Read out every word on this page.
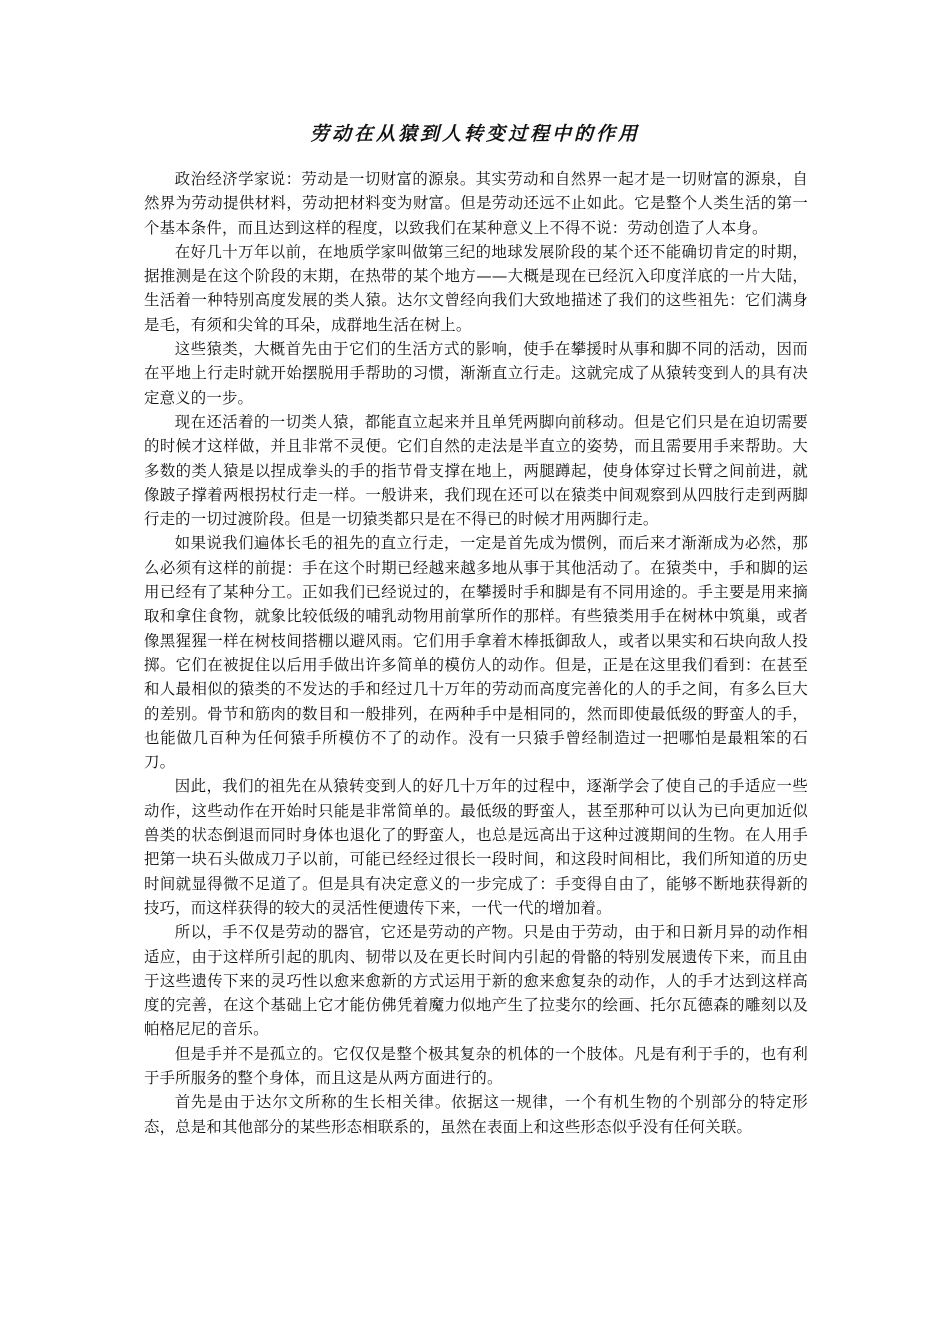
劳动在从猿到人转变过程中的作用

政治经济学家说：劳动是一切财富的源泉。其实劳动和自然界一起才是一切财富的源泉，自然界为劳动提供材料，劳动把材料变为财富。但是劳动还远不止如此。它是整个人类生活的第一个基本条件，而且达到这样的程度，以致我们在某种意义上不得不说：劳动创造了人本身。

在好几十万年以前，在地质学家叫做第三纪的地球发展阶段的某个还不能确切肯定的时期，据推测是在这个阶段的末期，在热带的某个地方——大概是现在已经沉入印度洋底的一片大陆，生活着一种特别高度发展的类人猿。达尔文曾经向我们大致地描述了我们的这些祖先：它们满身是毛，有须和尖耸的耳朵，成群地生活在树上。

这些猿类，大概首先由于它们的生活方式的影响，使手在攀援时从事和脚不同的活动，因而在平地上行走时就开始摆脱用手帮助的习惯，渐渐直立行走。这就完成了从猿转变到人的具有决定意义的一步。

现在还活着的一切类人猿，都能直立起来并且单凭两脚向前移动。但是它们只是在迫切需要的时候才这样做，并且非常不灵便。它们自然的走法是半直立的姿势，而且需要用手来帮助。大多数的类人猿是以捏成拳头的手的指节骨支撑在地上，两腿蹲起，使身体穿过长臂之间前进，就像跛子撑着两根拐杖行走一样。一般讲来，我们现在还可以在猿类中间观察到从四肢行走到两脚行走的一切过渡阶段。但是一切猿类都只是在不得已的时候才用两脚行走。

如果说我们遍体长毛的祖先的直立行走，一定是首先成为惯例，而后来才渐渐成为必然，那么必须有这样的前提：手在这个时期已经越来越多地从事于其他活动了。在猿类中，手和脚的运用已经有了某种分工。正如我们已经说过的，在攀援时手和脚是有不同用途的。手主要是用来摘取和拿住食物，就象比较低级的哺乳动物用前掌所作的那样。有些猿类用手在树林中筑巢，或者像黑猩猩一样在树枝间搭棚以避风雨。它们用手拿着木棒抵御敌人，或者以果实和石块向敌人投掷。它们在被捉住以后用手做出许多简单的模仿人的动作。但是，正是在这里我们看到：在甚至和人最相似的猿类的不发达的手和经过几十万年的劳动而高度完善化的人的手之间，有多么巨大的差别。骨节和筋肉的数目和一般排列，在两种手中是相同的，然而即使最低级的野蛮人的手，也能做几百种为任何猿手所模仿不了的动作。没有一只猿手曾经制造过一把哪怕是最粗笨的石刀。

因此，我们的祖先在从猿转变到人的好几十万年的过程中，逐渐学会了使自己的手适应一些动作，这些动作在开始时只能是非常简单的。最低级的野蛮人，甚至那种可以认为已向更加近似兽类的状态倒退而同时身体也退化了的野蛮人，也总是远高出于这种过渡期间的生物。在人用手把第一块石头做成刀子以前，可能已经经过很长一段时间，和这段时间相比，我们所知道的历史时间就显得微不足道了。但是具有决定意义的一步完成了：手变得自由了，能够不断地获得新的技巧，而这样获得的较大的灵活性便遗传下来，一代一代的增加着。

所以，手不仅是劳动的器官，它还是劳动的产物。只是由于劳动，由于和日新月异的动作相适应，由于这样所引起的肌肉、韧带以及在更长时间内引起的骨骼的特别发展遗传下来，而且由于这些遗传下来的灵巧性以愈来愈新的方式运用于新的愈来愈复杂的动作，人的手才达到这样高度的完善，在这个基础上它才能仿佛凭着魔力似地产生了拉斐尔的绘画、托尔瓦德森的雕刻以及帕格尼尼的音乐。

但是手并不是孤立的。它仅仅是整个极其复杂的机体的一个肢体。凡是有利于手的，也有利于手所服务的整个身体，而且这是从两方面进行的。

首先是由于达尔文所称的生长相关律。依据这一规律，一个有机生物的个别部分的特定形态，总是和其他部分的某些形态相联系的，虽然在表面上和这些形态似乎没有任何关联。
